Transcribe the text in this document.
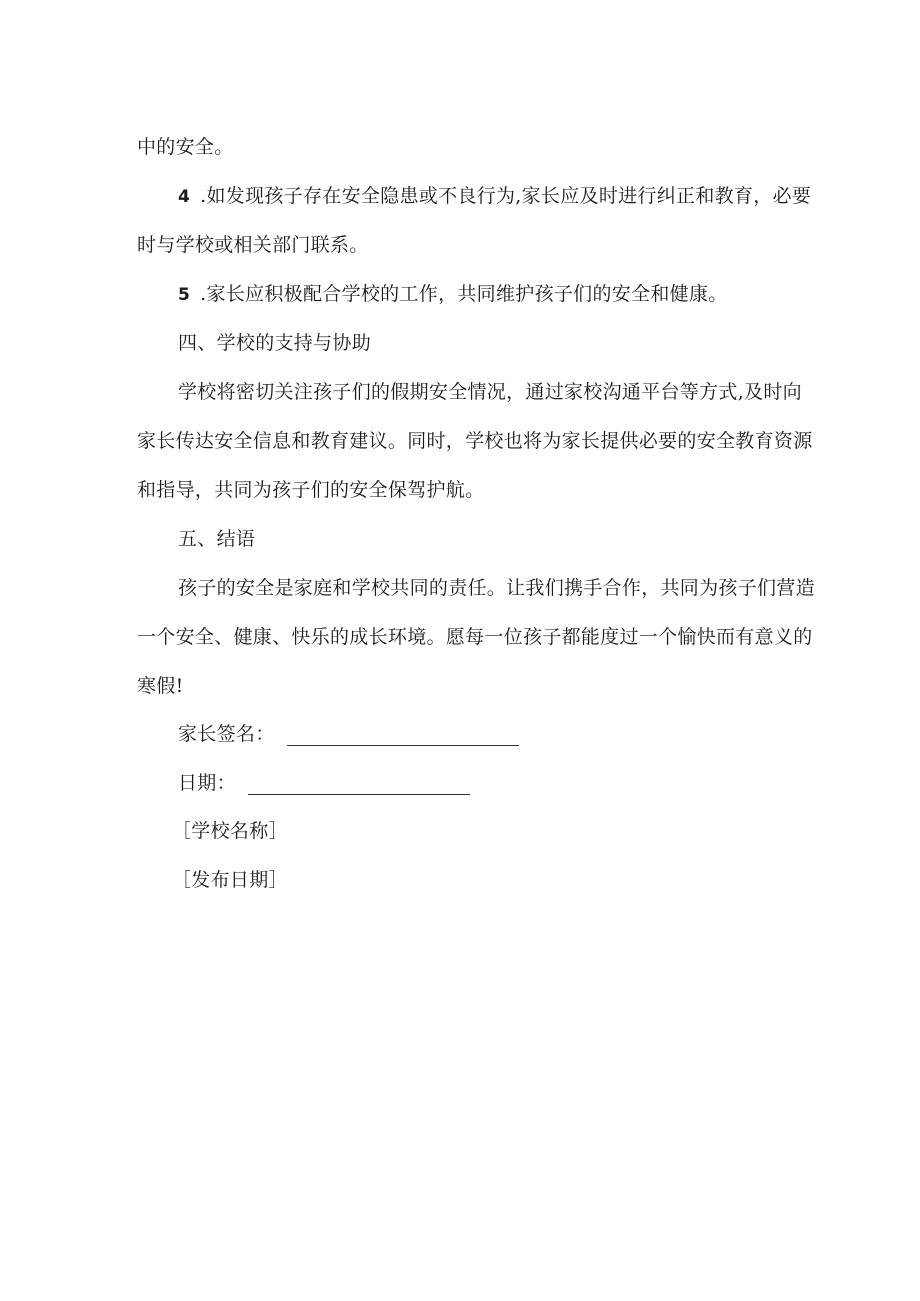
中的安全。
4 .如发现孩子存在安全隐患或不良行为,家长应及时进行纠正和教育，必要
时与学校或相关部门联系。
5 .家长应积极配合学校的工作，共同维护孩子们的安全和健康。
四、学校的支持与协助
学校将密切关注孩子们的假期安全情况，通过家校沟通平台等方式,及时向
家长传达安全信息和教育建议。同时，学校也将为家长提供必要的安全教育资源
和指导，共同为孩子们的安全保驾护航。
五、结语
孩子的安全是家庭和学校共同的责任。让我们携手合作，共同为孩子们营造
一个安全、健康、快乐的成长环境。愿每一位孩子都能度过一个愉快而有意义的
寒假!
家长签名：
日期：
［学校名称］
［发布日期］
